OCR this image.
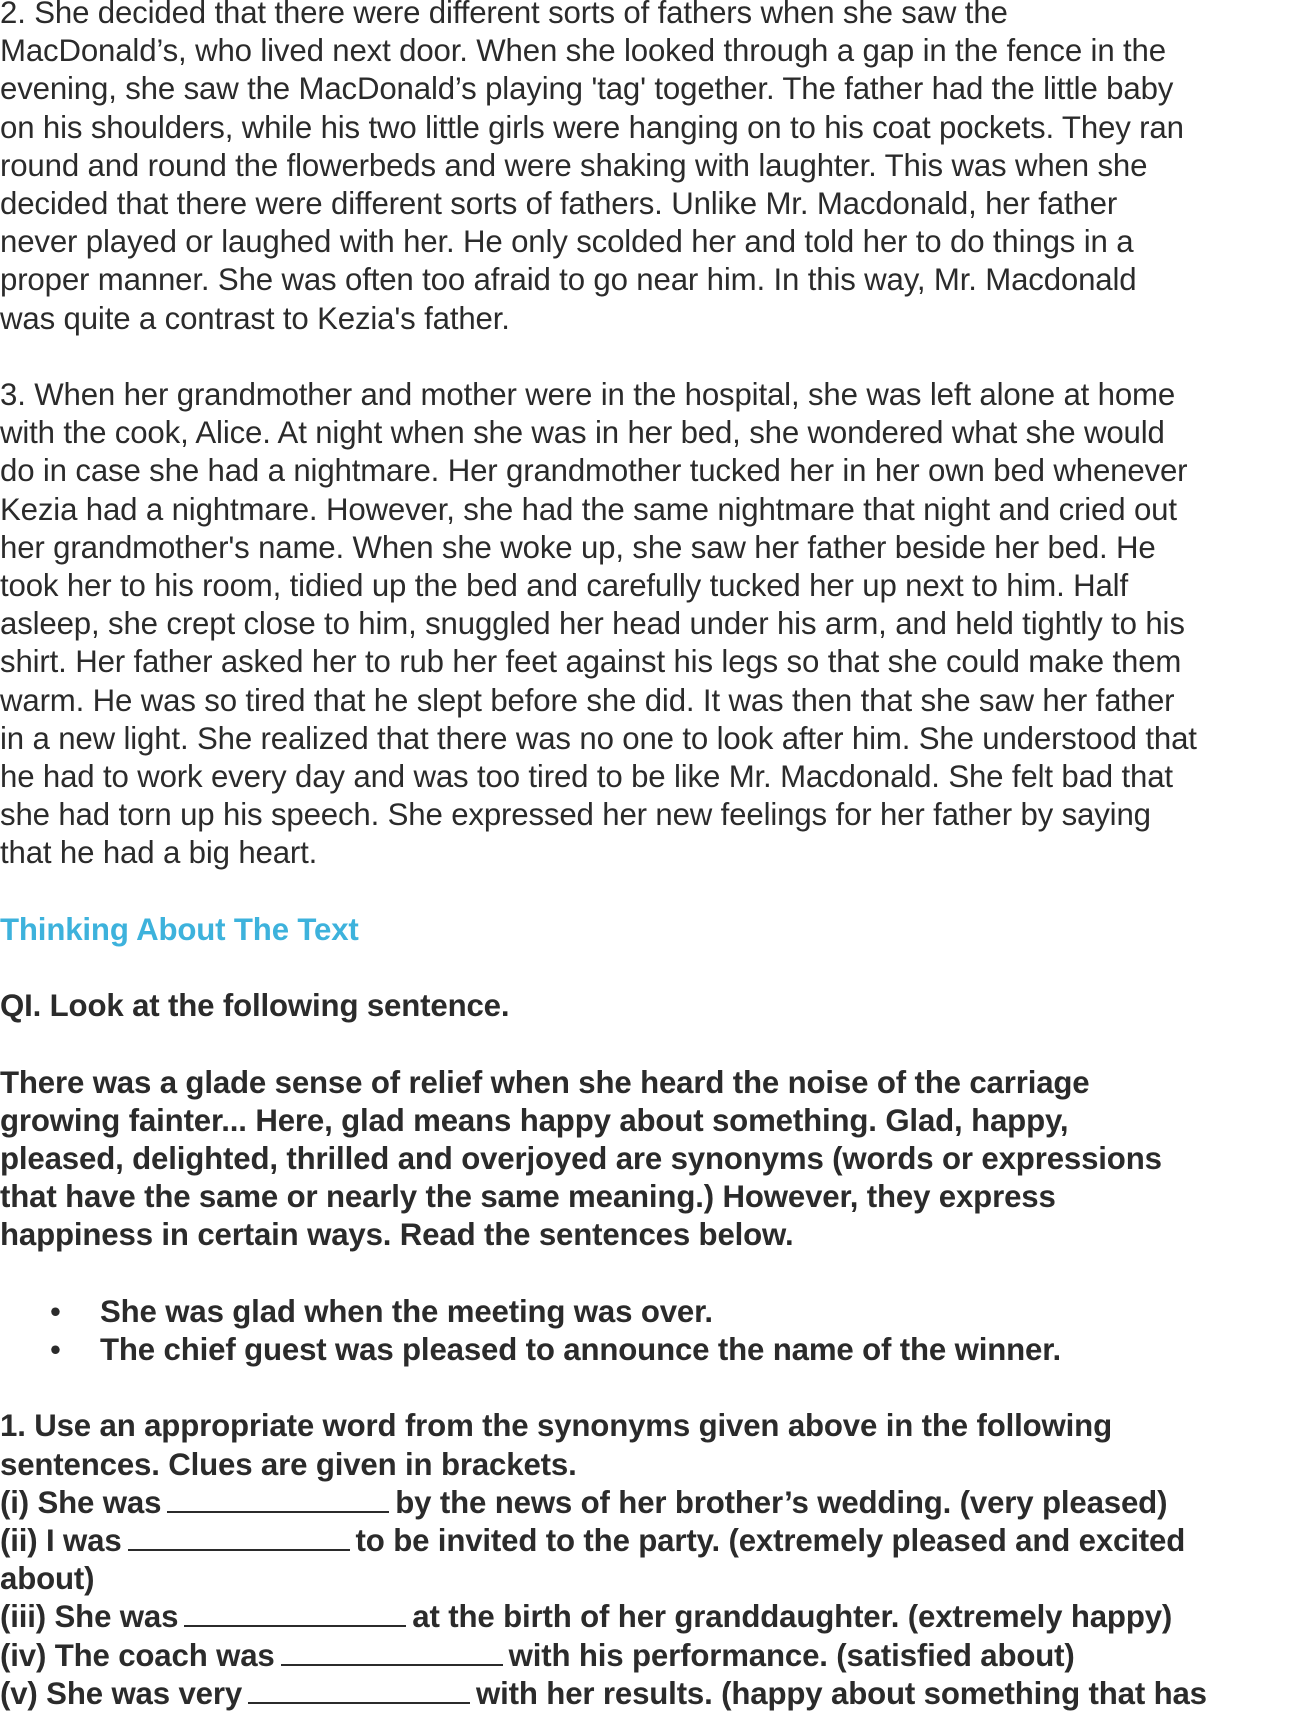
2. She decided that there were different sorts of fathers when she saw the
MacDonald’s, who lived next door. When she looked through a gap in the fence in the
evening, she saw the MacDonald’s playing 'tag' together. The father had the little baby
on his shoulders, while his two little girls were hanging on to his coat pockets. They ran
round and round the flowerbeds and were shaking with laughter. This was when she
decided that there were different sorts of fathers. Unlike Mr. Macdonald, her father
never played or laughed with her. He only scolded her and told her to do things in a
proper manner. She was often too afraid to go near him. In this way, Mr. Macdonald
was quite a contrast to Kezia's father.
3. When her grandmother and mother were in the hospital, she was left alone at home
with the cook, Alice. At night when she was in her bed, she wondered what she would
do in case she had a nightmare. Her grandmother tucked her in her own bed whenever
Kezia had a nightmare. However, she had the same nightmare that night and cried out
her grandmother's name. When she woke up, she saw her father beside her bed. He
took her to his room, tidied up the bed and carefully tucked her up next to him. Half
asleep, she crept close to him, snuggled her head under his arm, and held tightly to his
shirt. Her father asked her to rub her feet against his legs so that she could make them
warm. He was so tired that he slept before she did. It was then that she saw her father
in a new light. She realized that there was no one to look after him. She understood that
he had to work every day and was too tired to be like Mr. Macdonald. She felt bad that
she had torn up his speech. She expressed her new feelings for her father by saying
that he had a big heart.
Thinking About The Text
QI. Look at the following sentence.
There was a glade sense of relief when she heard the noise of the carriage
growing fainter... Here, glad means happy about something. Glad, happy,
pleased, delighted, thrilled and overjoyed are synonyms (words or expressions
that have the same or nearly the same meaning.) However, they express
happiness in certain ways. Read the sentences below.
• She was glad when the meeting was over.
• The chief guest was pleased to announce the name of the winner.
1. Use an appropriate word from the synonyms given above in the following
sentences. Clues are given in brackets.
(i) She was	by the news of her brother’s wedding. (very pleased)
(ii) I was	to be invited to the party. (extremely pleased and excited
about)
(iii) She was	at the birth of her granddaughter. (extremely happy)
(iv) The coach was	with his performance. (satisfied about)
(v) She was very	with her results. (happy about something that has
